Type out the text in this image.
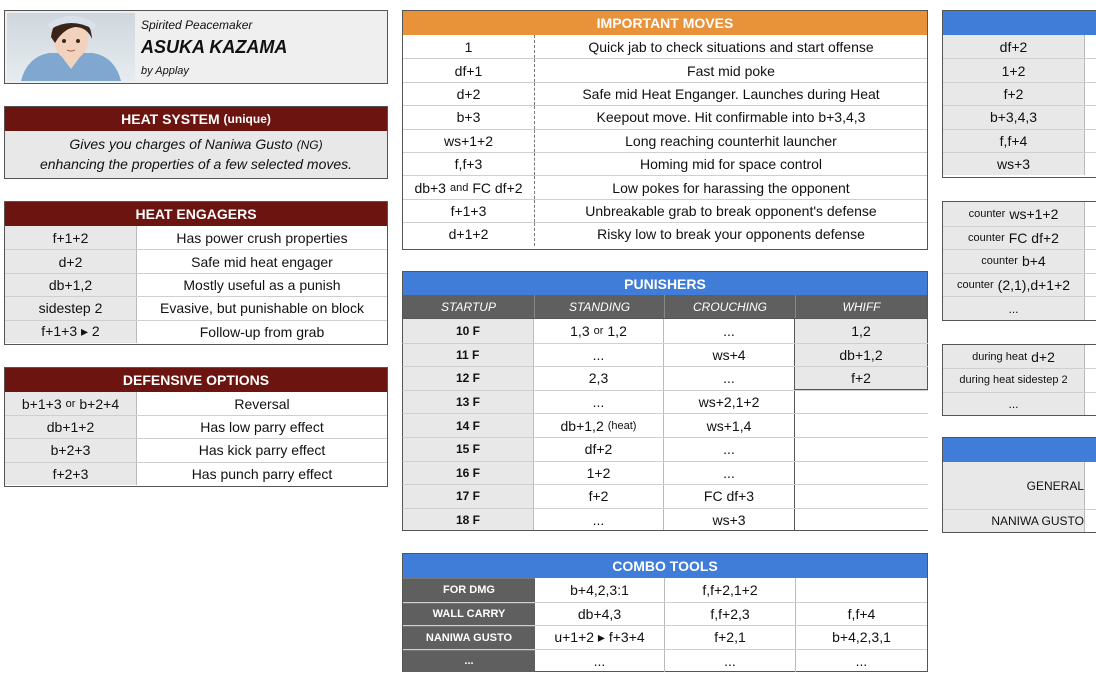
Spirited Peacemaker
ASUKA KAZAMA
by Applay
HEAT SYSTEM
(unique)
Gives you charges of Naniwa Gusto (NG)
enhancing the properties of a few selected moves.
HEAT ENGAGERS
f+1+2	Has power crush properties
d+2	Safe mid heat engager
db+1,2	Mostly useful as a punish
sidestep 2	Evasive, but punishable on block
f+1+3 ▸ 2	Follow-up from grab
DEFENSIVE OPTIONS
b+1+3 or b+2+4	Reversal
db+1+2	Has low parry effect
b+2+3	Has kick parry effect
f+2+3	Has punch parry effect
IMPORTANT MOVES
1	Quick jab to check situations and start offense
df+1	Fast mid poke
d+2	Safe mid Heat Enganger. Launches during Heat
b+3	Keepout move. Hit confirmable into b+3,4,3
ws+1+2	Long reaching counterhit launcher
f,f+3	Homing mid for space control
db+3 and FC df+2	Low pokes for harassing the opponent
f+1+3	Unbreakable grab to break opponent's defense
d+1+2	Risky low to break your opponents defense
PUNISHERS
STARTUP	STANDING	CROUCHING	WHIFF
10 F	1,3 or 1,2	...	1,2
11 F	...	ws+4	db+1,2
12 F	2,3	...	f+2
13 F	...	ws+2,1+2
14 F	db+1,2 (heat)	ws+1,4
15 F	df+2	...
16 F	1+2	...
17 F	f+2	FC df+3
18 F	...	ws+3
COMBO TOOLS
FOR DMG	b+4,2,3:1	f,f+2,1+2
WALL CARRY	db+4,3	f,f+2,3	f,f+4
NANIWA GUSTO	u+1+2 ▸ f+3+4	f+2,1	b+4,2,3,1
...	...	...	...
df+2
1+2
f+2
b+3,4,3
f,f+4
ws+3
counter ws+1+2
counter FC df+2
counter b+4
counter (2,1),d+1+2
...
during heat d+2
during heat sidestep 2
...
GENERAL
NANIWA GUSTO
